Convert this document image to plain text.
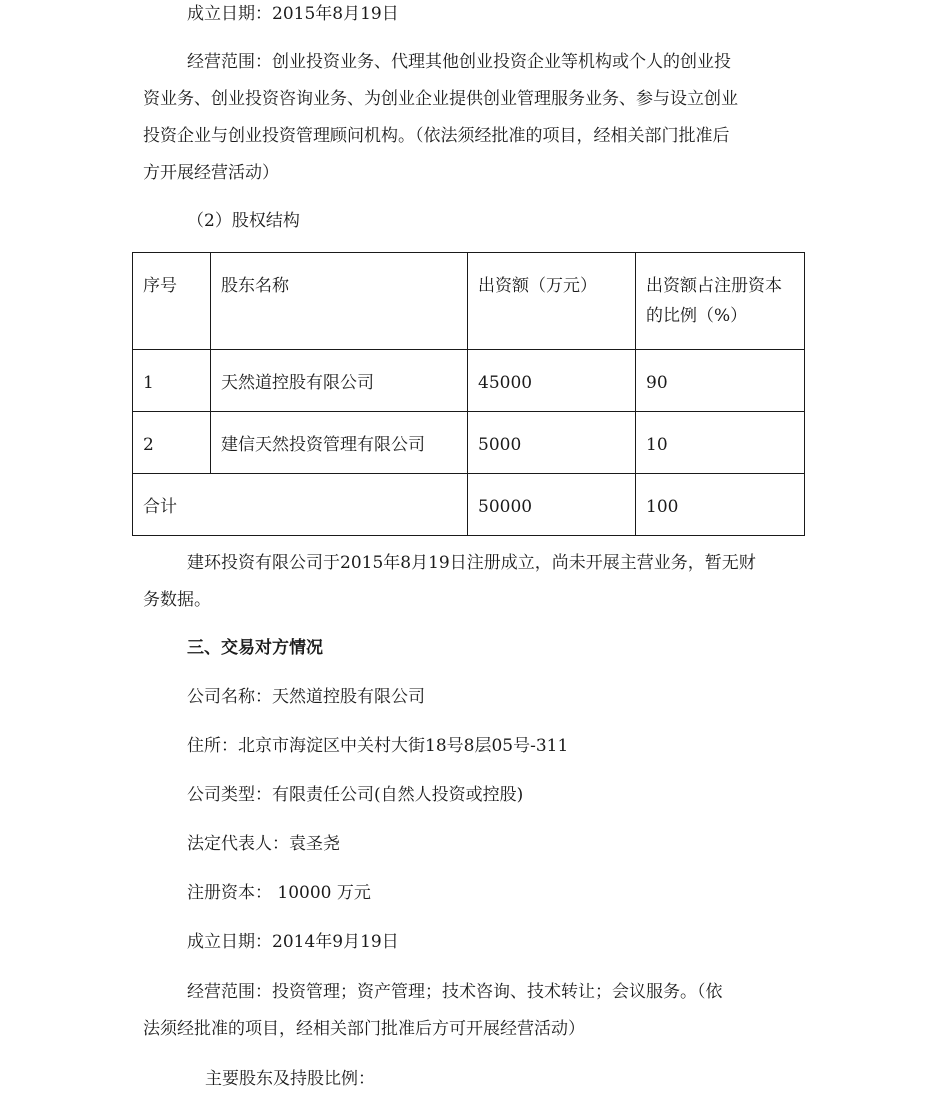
成立日期：2015年8月19日
经营范围：创业投资业务、代理其他创业投资企业等机构或个人的创业投
资业务、创业投资咨询业务、为创业企业提供创业管理服务业务、参与设立创业
投资企业与创业投资管理顾问机构。（依法须经批准的项目，经相关部门批准后
方开展经营活动）
（2）股权结构
序号	股东名称	出资额（万元）	出资额占注册资本的比例（%）
1	天然道控股有限公司	45000	90
2	建信天然投资管理有限公司	5000	10
合计		50000	100
建环投资有限公司于2015年8月19日注册成立，尚未开展主营业务，暂无财
务数据。
三、交易对方情况
公司名称：天然道控股有限公司
住所：北京市海淀区中关村大街18号8层05号-311
公司类型：有限责任公司(自然人投资或控股)
法定代表人：袁圣尧
注册资本： 10000 万元
成立日期：2014年9月19日
经营范围：投资管理；资产管理；技术咨询、技术转让；会议服务。（依
法须经批准的项目，经相关部门批准后方可开展经营活动）
主要股东及持股比例：
